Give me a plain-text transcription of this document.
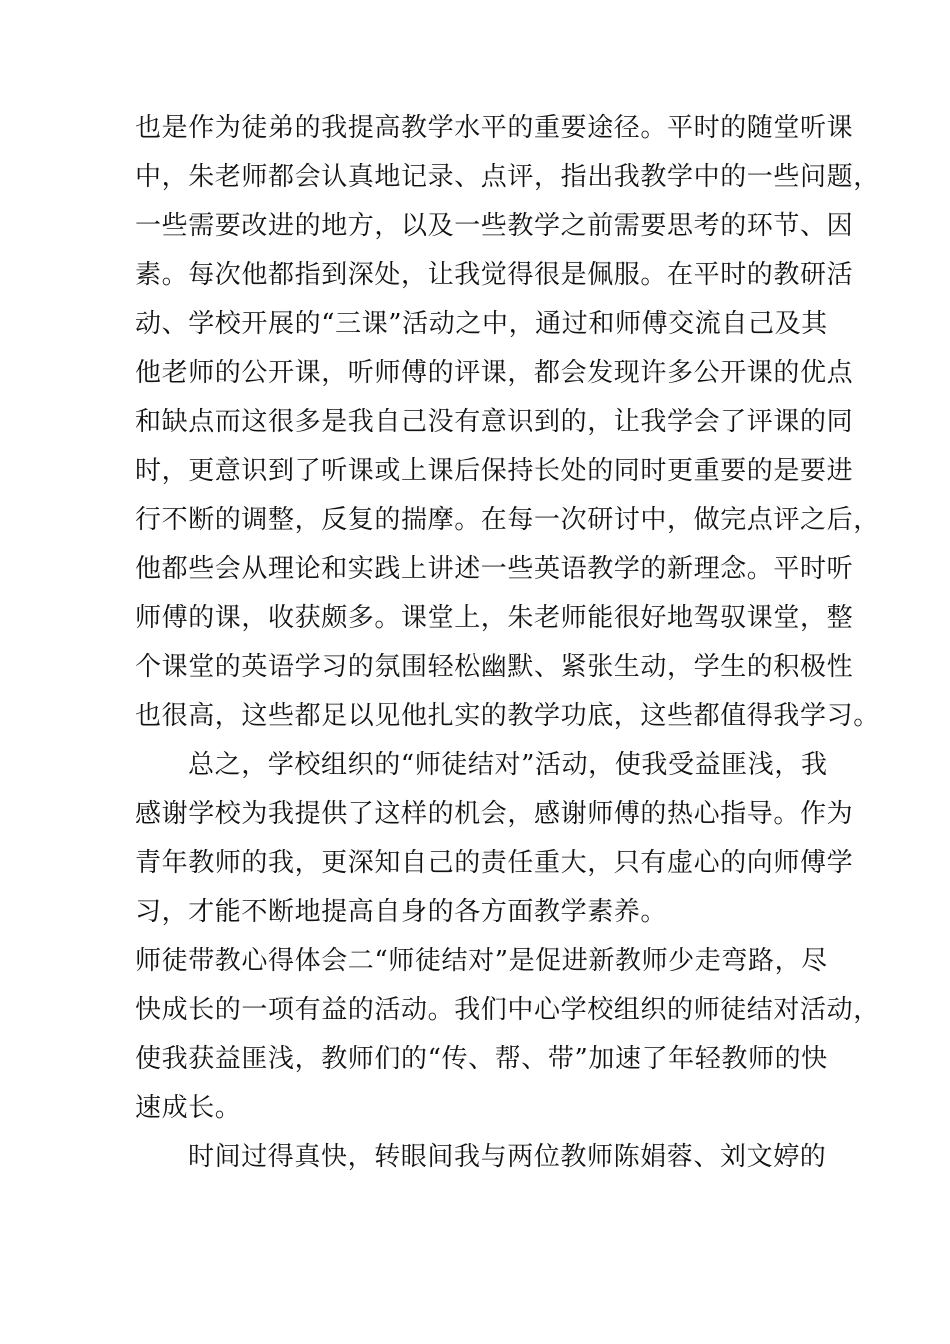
也是作为徒弟的我提高教学水平的重要途径。平时的随堂听课
中，朱老师都会认真地记录、点评，指出我教学中的一些问题，
一些需要改进的地方，以及一些教学之前需要思考的环节、因
素。每次他都指到深处，让我觉得很是佩服。在平时的教研活
动、学校开展的“三课”活动之中，通过和师傅交流自己及其
他老师的公开课，听师傅的评课，都会发现许多公开课的优点
和缺点而这很多是我自己没有意识到的，让我学会了评课的同
时，更意识到了听课或上课后保持长处的同时更重要的是要进
行不断的调整，反复的揣摩。在每一次研讨中，做完点评之后，
他都些会从理论和实践上讲述一些英语教学的新理念。平时听
师傅的课，收获颇多。课堂上，朱老师能很好地驾驭课堂，整
个课堂的英语学习的氛围轻松幽默、紧张生动，学生的积极性
也很高，这些都足以见他扎实的教学功底，这些都值得我学习。
总之，学校组织的“师徒结对”活动，使我受益匪浅，我
感谢学校为我提供了这样的机会，感谢师傅的热心指导。作为
青年教师的我，更深知自己的责任重大，只有虚心的向师傅学
习，才能不断地提高自身的各方面教学素养。
师徒带教心得体会二“师徒结对”是促进新教师少走弯路，尽
快成长的一项有益的活动。我们中心学校组织的师徒结对活动，
使我获益匪浅，教师们的“传、帮、带”加速了年轻教师的快
速成长。
时间过得真快，转眼间我与两位教师陈娟蓉、刘文婷的
